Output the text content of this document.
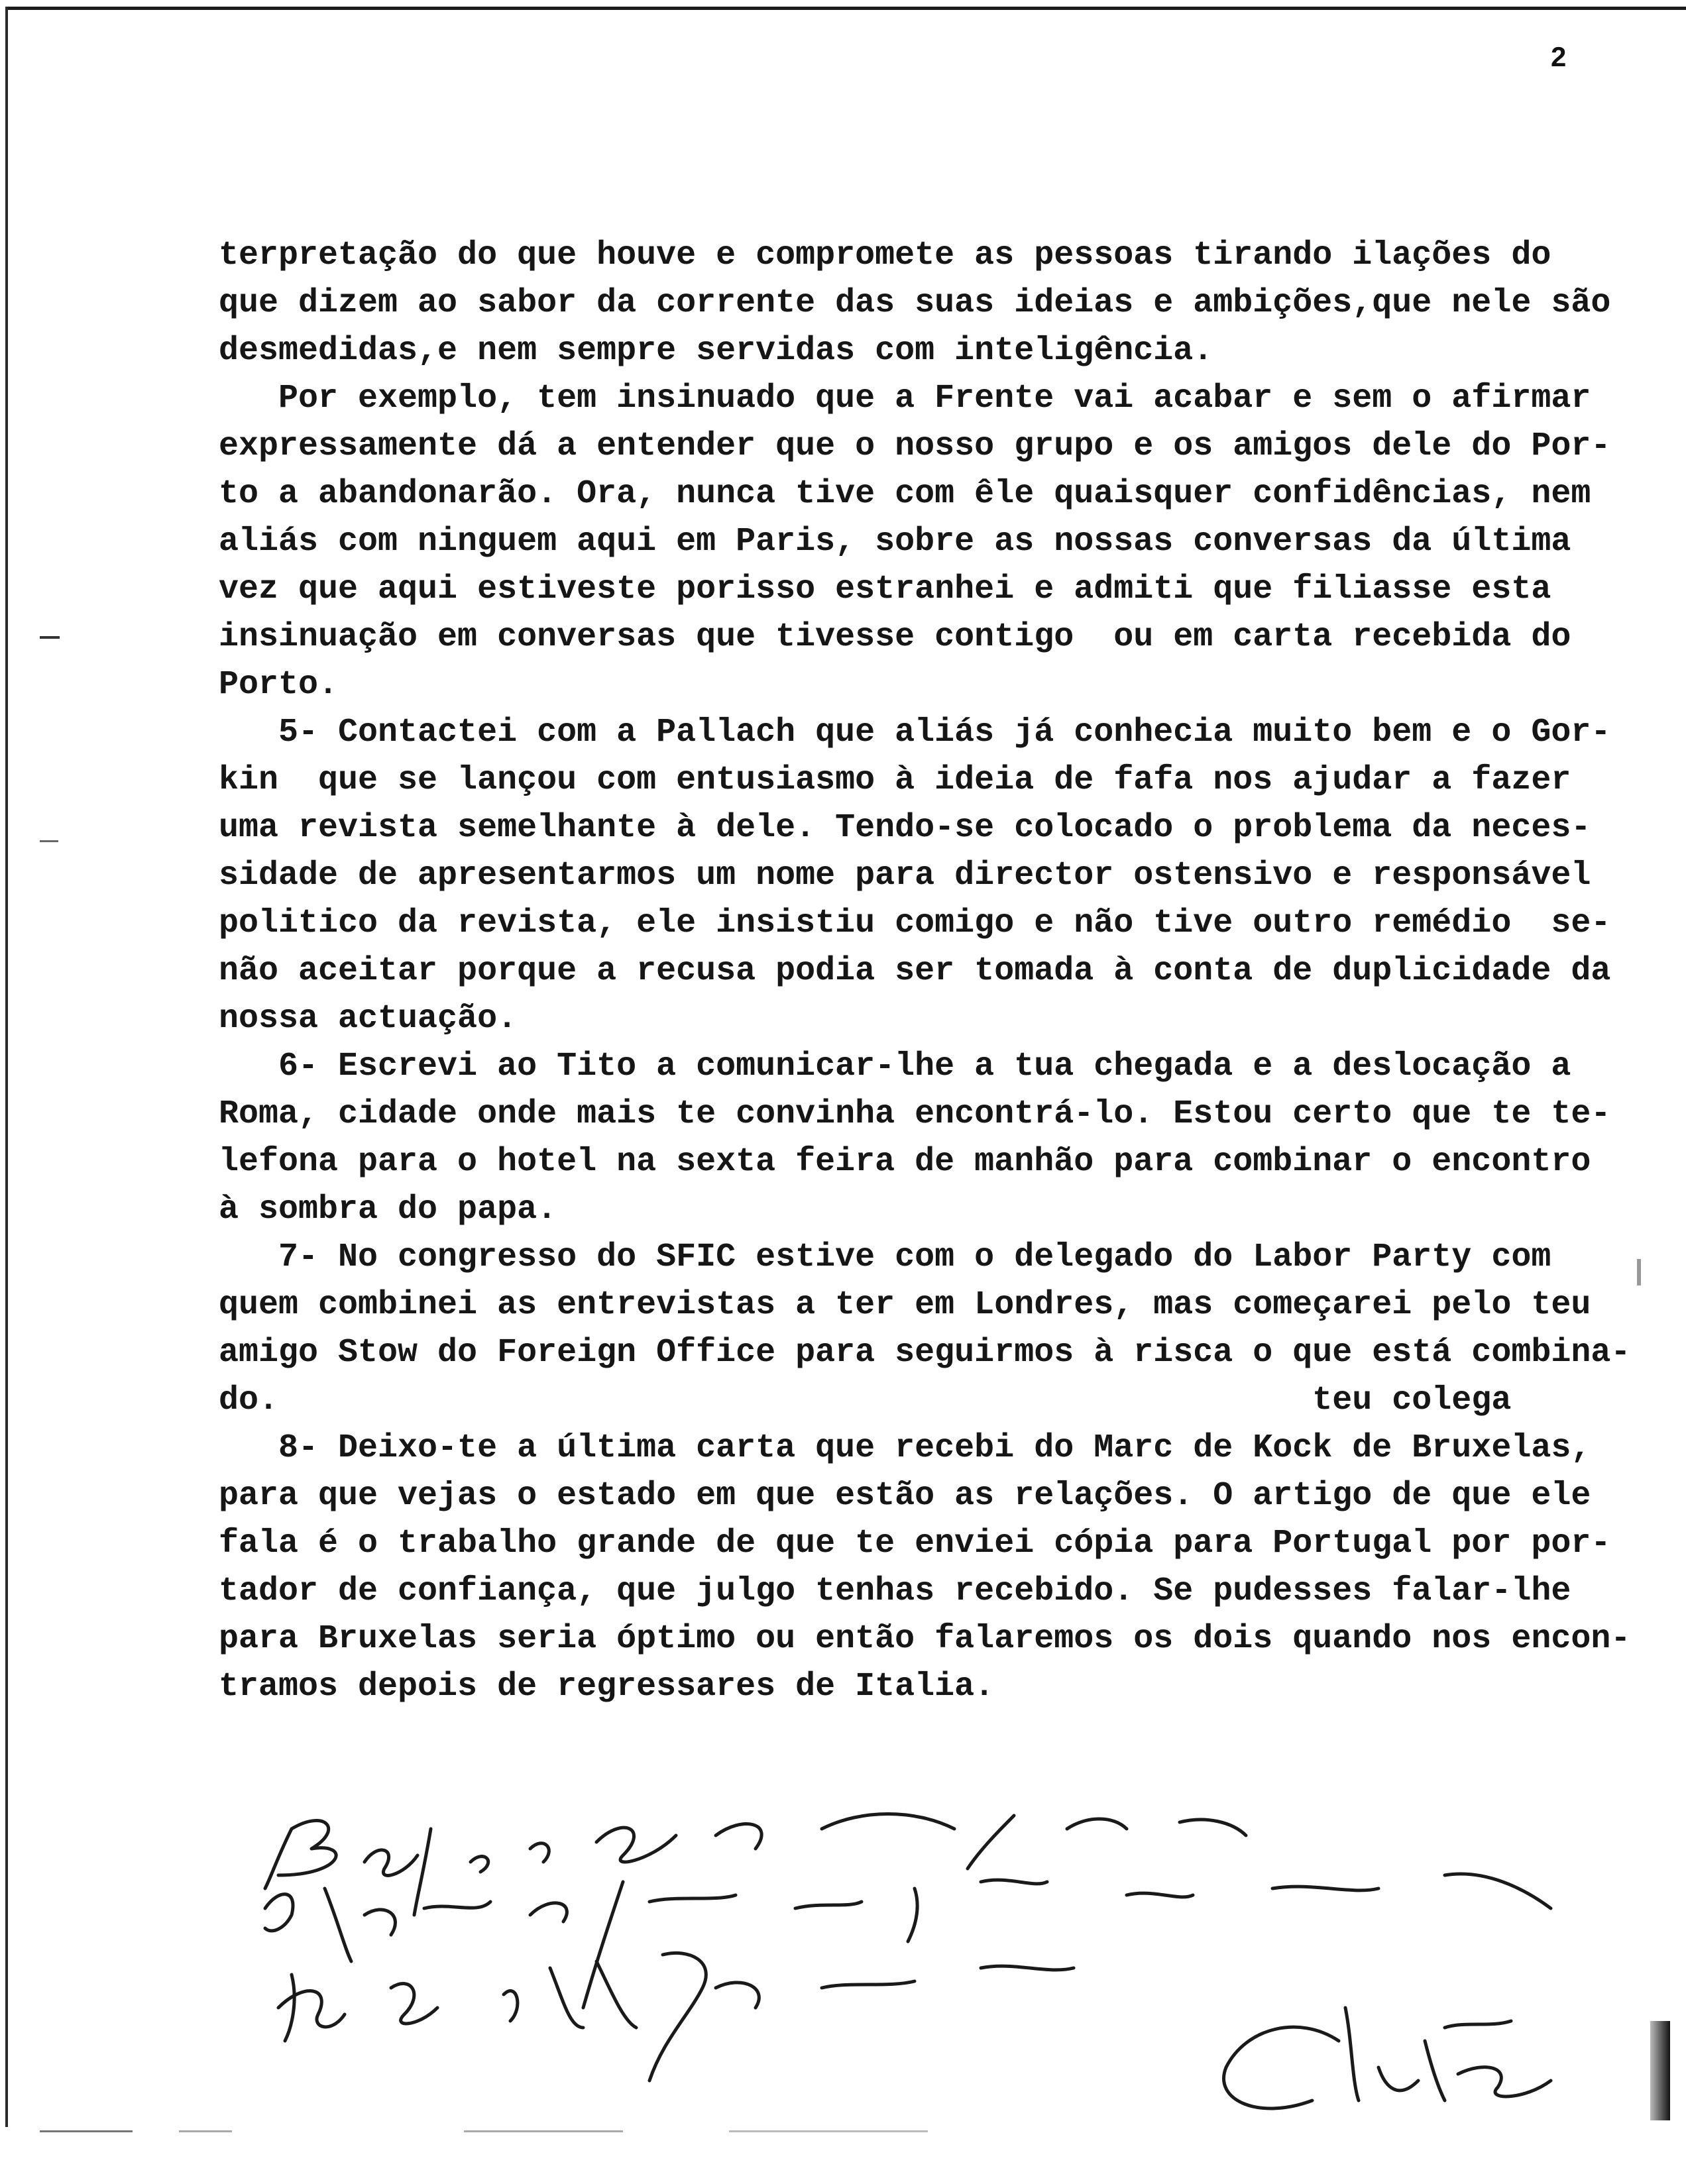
2
terpretação do que houve e compromete as pessoas tirando ilações do
que dizem ao sabor da corrente das suas ideias e ambições,que nele são
desmedidas,e nem sempre servidas com inteligência.
Por exemplo, tem insinuado que a Frente vai acabar e sem o afirmar
expressamente dá a entender que o nosso grupo e os amigos dele do Por-
to a abandonarão. Ora, nunca tive com êle quaisquer confidências, nem
aliás com ninguem aqui em Paris, sobre as nossas conversas da última
vez que aqui estiveste porisso estranhei e admiti que filiasse esta
insinuação em conversas que tivesse contigo  ou em carta recebida do
Porto.
5- Contactei com a Pallach que aliás já conhecia muito bem e o Gor-
kin  que se lançou com entusiasmo à ideia de fafa nos ajudar a fazer
uma revista semelhante à dele. Tendo-se colocado o problema da neces-
sidade de apresentarmos um nome para director ostensivo e responsável
politico da revista, ele insistiu comigo e não tive outro remédio  se-
não aceitar porque a recusa podia ser tomada à conta de duplicidade da
nossa actuação.
6- Escrevi ao Tito a comunicar-lhe a tua chegada e a deslocação a
Roma, cidade onde mais te convinha encontrá-lo. Estou certo que te te-
lefona para o hotel na sexta feira de manhão para combinar o encontro
à sombra do papa.
7- No congresso do SFIC estive com o delegado do Labor Party com
quem combinei as entrevistas a ter em Londres, mas começarei pelo teu
amigo Stow do Foreign Office para seguirmos à risca o que está combina-
do.                                                    teu colega
8- Deixo-te a última carta que recebi do Marc de Kock de Bruxelas,
para que vejas o estado em que estão as relações. O artigo de que ele
fala é o trabalho grande de que te enviei cópia para Portugal por por-
tador de confiança, que julgo tenhas recebido. Se pudesses falar-lhe
para Bruxelas seria óptimo ou então falaremos os dois quando nos encon-
tramos depois de regressares de Italia.
